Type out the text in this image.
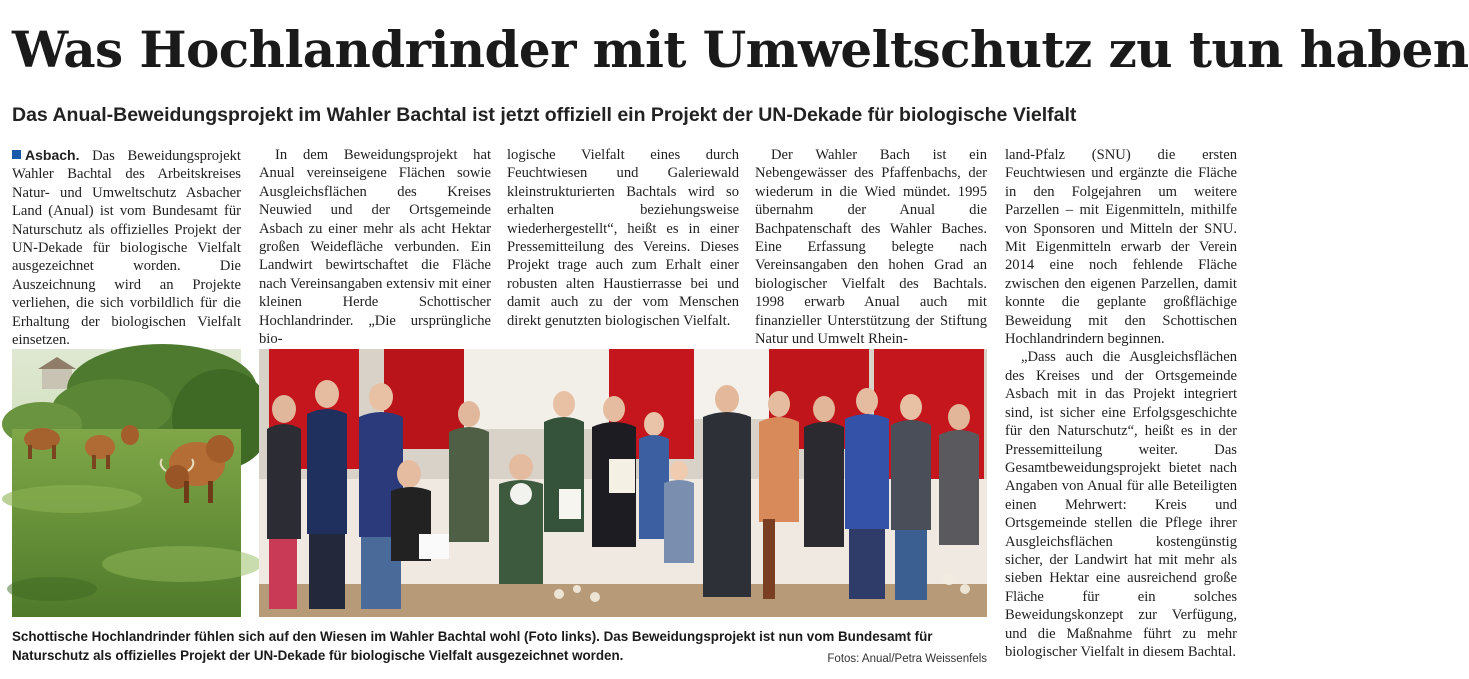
Was Hochlandrinder mit Umweltschutz zu tun haben
Das Anual-Beweidungsprojekt im Wahler Bachtal ist jetzt offiziell ein Projekt der UN-Dekade für biologische Vielfalt

Asbach. Das Beweidungsprojekt Wahler Bachtal des Arbeitskreises Natur- und Umweltschutz Asbacher Land (Anual) ist vom Bundesamt für Naturschutz als offizielles Projekt der UN-Dekade für biologische Vielfalt ausgezeichnet worden. Die Auszeichnung wird an Projekte verliehen, die sich vorbildlich für die Erhaltung der biologischen Vielfalt einsetzen.

In dem Beweidungsprojekt hat Anual vereinseigene Flächen sowie Ausgleichsflächen des Kreises Neuwied und der Ortsgemeinde Asbach zu einer mehr als acht Hektar großen Weidefläche verbunden. Ein Landwirt bewirtschaftet die Fläche nach Vereinsangaben extensiv mit einer kleinen Herde Schottischer Hochlandrinder. „Die ursprüngliche bio-

logische Vielfalt eines durch Feuchtwiesen und Galeriewald kleinstrukturierten Bachtals wird so erhalten beziehungsweise wiederhergestellt“, heißt es in einer Pressemitteilung des Vereins. Dieses Projekt trage auch zum Erhalt einer robusten alten Haustierrasse bei und damit auch zu der vom Menschen direkt genutzten biologischen Vielfalt.

Der Wahler Bach ist ein Nebengewässer des Pfaffenbachs, der wiederum in die Wied mündet. 1995 übernahm der Anual die Bachpatenschaft des Wahler Baches. Eine Erfassung belegte nach Vereinsangaben den hohen Grad an biologischer Vielfalt des Bachtals. 1998 erwarb Anual auch mit finanzieller Unterstützung der Stiftung Natur und Umwelt Rhein-

land-Pfalz (SNU) die ersten Feuchtwiesen und ergänzte die Fläche in den Folgejahren um weitere Parzellen – mit Eigenmitteln, mithilfe von Sponsoren und Mitteln der SNU. Mit Eigenmitteln erwarb der Verein 2014 eine noch fehlende Fläche zwischen den eigenen Parzellen, damit konnte die geplante großflächige Beweidung mit den Schottischen Hochlandrindern beginnen.

„Dass auch die Ausgleichsflächen des Kreises und der Ortsgemeinde Asbach mit in das Projekt integriert sind, ist sicher eine Erfolgsgeschichte für den Naturschutz“, heißt es in der Pressemitteilung weiter. Das Gesamtbeweidungsprojekt bietet nach Angaben von Anual für alle Beteiligten einen Mehrwert: Kreis und Ortsgemeinde stellen die Pflege ihrer Ausgleichsflächen kostengünstig sicher, der Landwirt hat mit mehr als sieben Hektar eine ausreichend große Fläche für ein solches Beweidungskonzept zur Verfügung, und die Maßnahme führt zu mehr biologischer Vielfalt in diesem Bachtal.

Schottische Hochlandrinder fühlen sich auf den Wiesen im Wahler Bachtal wohl (Foto links). Das Beweidungsprojekt ist nun vom Bundesamt für Naturschutz als offizielles Projekt der UN-Dekade für biologische Vielfalt ausgezeichnet worden.	Fotos: Anual/Petra Weissenfels
